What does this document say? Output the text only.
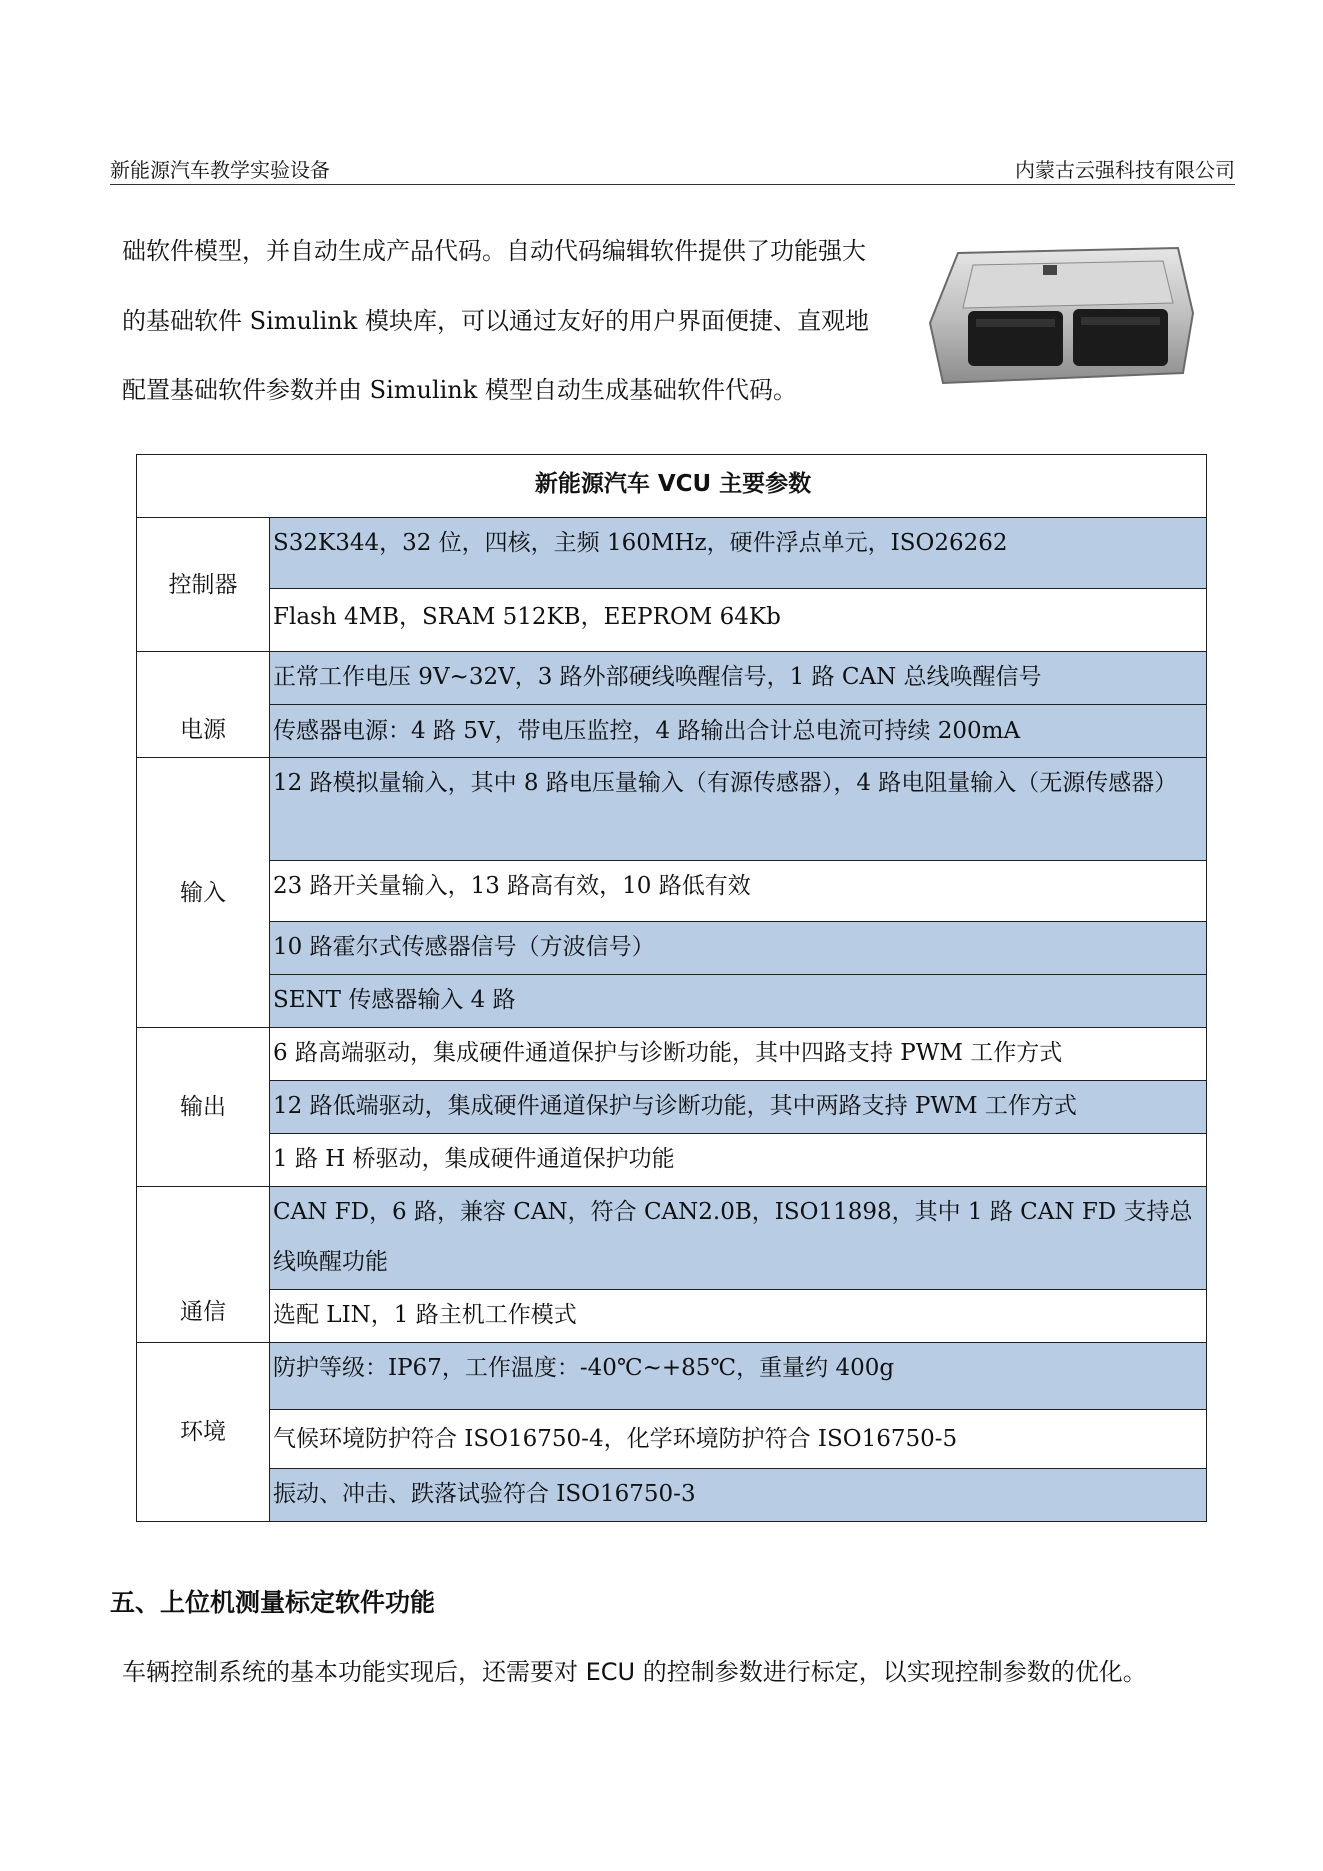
新能源汽车教学实验设备	内蒙古云强科技有限公司
础软件模型，并自动生成产品代码。自动代码编辑软件提供了功能强大
的基础软件 Simulink 模块库，可以通过友好的用户界面便捷、直观地
配置基础软件参数并由 Simulink 模型自动生成基础软件代码。
新能源汽车 VCU 主要参数	
控制器	S32K344，32 位，四核，主频 160MHz，硬件浮点单元，ISO26262
	Flash 4MB，SRAM 512KB，EEPROM 64Kb
电源	正常工作电压 9V~32V，3 路外部硬线唤醒信号，1 路 CAN 总线唤醒信号
	传感器电源：4 路 5V，带电压监控，4 路输出合计总电流可持续 200mA
输入	12 路模拟量输入，其中 8 路电压量输入（有源传感器），4 路电阻量输入（无源传感器）
	23 路开关量输入，13 路高有效，10 路低有效
	10 路霍尔式传感器信号（方波信号）
	SENT 传感器输入 4 路
输出	6 路高端驱动，集成硬件通道保护与诊断功能，其中四路支持 PWM 工作方式
	12 路低端驱动，集成硬件通道保护与诊断功能，其中两路支持 PWM 工作方式
	1 路 H 桥驱动，集成硬件通道保护功能
通信	CAN FD，6 路，兼容 CAN，符合 CAN2.0B，ISO11898，其中 1 路 CAN FD 支持总线唤醒功能
	选配 LIN，1 路主机工作模式
环境	防护等级：IP67，工作温度：-40℃~+85℃，重量约 400g
	气候环境防护符合 ISO16750-4，化学环境防护符合 ISO16750-5
	振动、冲击、跌落试验符合 ISO16750-3
五、上位机测量标定软件功能
车辆控制系统的基本功能实现后，还需要对 ECU 的控制参数进行标定，以实现控制参数的优化。
